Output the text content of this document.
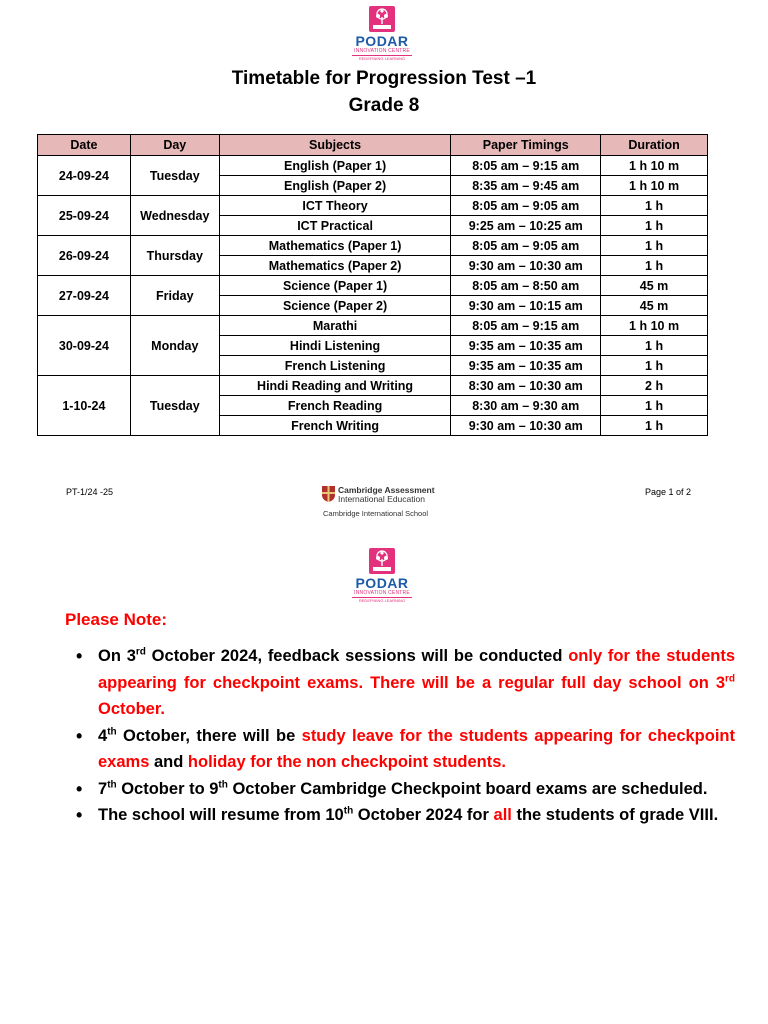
PODAR
INNOVATION CENTRE
REDEFINING LEARNING
Timetable for Progression Test –1
Grade 8
Date	Day	Subjects	Paper Timings	Duration
24-09-24	Tuesday	English (Paper 1)	8:05 am – 9:15 am	1 h 10 m
		English (Paper 2)	8:35 am – 9:45 am	1 h 10 m
25-09-24	Wednesday	ICT Theory	8:05 am – 9:05 am	1 h
		ICT Practical	9:25 am – 10:25 am	1 h
26-09-24	Thursday	Mathematics (Paper 1)	8:05 am – 9:05 am	1 h
		Mathematics (Paper 2)	9:30 am – 10:30 am	1 h
27-09-24	Friday	Science (Paper 1)	8:05 am – 8:50 am	45 m
		Science (Paper 2)	9:30 am – 10:15 am	45 m
30-09-24	Monday	Marathi	8:05 am – 9:15 am	1 h 10 m
		Hindi Listening	9:35 am – 10:35 am	1 h
		French Listening	9:35 am – 10:35 am	1 h
1-10-24	Tuesday	Hindi Reading and Writing	8:30 am – 10:30 am	2 h
		French Reading	8:30 am – 9:30 am	1 h
		French Writing	9:30 am – 10:30 am	1 h
PT-1/24 -25	Cambridge Assessment
International Education
Cambridge International School
Page 1 of 2
PODAR
INNOVATION CENTRE
REDEFINING LEARNING
Please Note:
• On 3rd October 2024, feedback sessions will be conducted only for the students appearing for checkpoint exams. There will be a regular full day school on 3rd October.
• 4th October, there will be study leave for the students appearing for checkpoint exams and holiday for the non checkpoint students.
• 7th October to 9th October Cambridge Checkpoint board exams are scheduled.
• The school will resume from 10th October 2024 for all the students of grade VIII.
